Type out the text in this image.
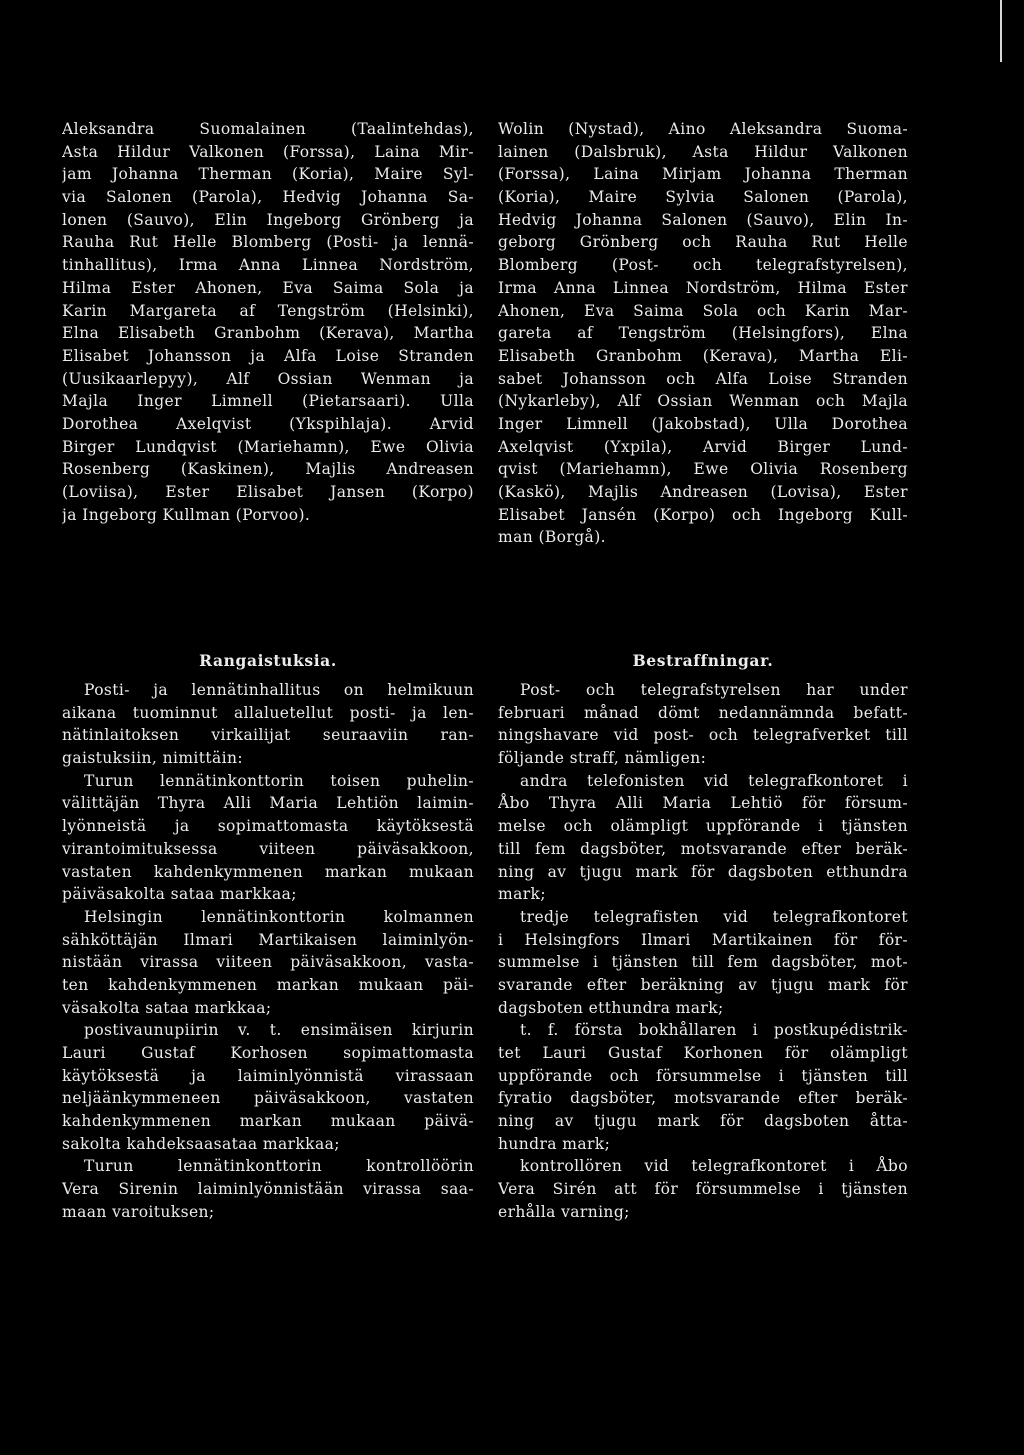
Aleksandra Suomalainen (Taalintehdas),
Asta Hildur Valkonen (Forssa), Laina Mir-
jam Johanna Therman (Koria), Maire Syl-
via Salonen (Parola), Hedvig Johanna Sa-
lonen (Sauvo), Elin Ingeborg Grönberg ja
Rauha Rut Helle Blomberg (Posti- ja lennä-
tinhallitus), Irma Anna Linnea Nordström,
Hilma Ester Ahonen, Eva Saima Sola ja
Karin Margareta af Tengström (Helsinki),
Elna Elisabeth Granbohm (Kerava), Martha
Elisabet Johansson ja Alfa Loise Stranden
(Uusikaarlepyy), Alf Ossian Wenman ja
Majla Inger Limnell (Pietarsaari). Ulla
Dorothea Axelqvist (Ykspihlaja). Arvid
Birger Lundqvist (Mariehamn), Ewe Olivia
Rosenberg (Kaskinen), Majlis Andreasen
(Loviisa), Ester Elisabet Jansen (Korpo)
ja Ingeborg Kullman (Porvoo).
Wolin (Nystad), Aino Aleksandra Suoma-
lainen (Dalsbruk), Asta Hildur Valkonen
(Forssa), Laina Mirjam Johanna Therman
(Koria), Maire Sylvia Salonen (Parola),
Hedvig Johanna Salonen (Sauvo), Elin In-
geborg Grönberg och Rauha Rut Helle
Blomberg (Post- och telegrafstyrelsen),
Irma Anna Linnea Nordström, Hilma Ester
Ahonen, Eva Saima Sola och Karin Mar-
gareta af Tengström (Helsingfors), Elna
Elisabeth Granbohm (Kerava), Martha Eli-
sabet Johansson och Alfa Loise Stranden
(Nykarleby), Alf Ossian Wenman och Majla
Inger Limnell (Jakobstad), Ulla Dorothea
Axelqvist (Yxpila), Arvid Birger Lund-
qvist (Mariehamn), Ewe Olivia Rosenberg
(Kaskö), Majlis Andreasen (Lovisa), Ester
Elisabet Jansén (Korpo) och Ingeborg Kull-
man (Borgå).
Rangaistuksia.	Bestraffningar.
Posti- ja lennätinhallitus on helmikuun
aikana tuominnut allaluetellut posti- ja len-
nätinlaitoksen virkailijat seuraaviin ran-
gaistuksiin, nimittäin:
Turun lennätinkonttorin toisen puhelin-
välittäjän Thyra Alli Maria Lehtiön laimin-
lyönneistä ja sopimattomasta käytöksestä
virantoimituksessa viiteen päiväsakkoon,
vastaten kahdenkymmenen markan mukaan
päiväsakolta sataa markkaa;
Helsingin lennätinkonttorin kolmannen
sähköttäjän Ilmari Martikaisen laiminlyön-
nistään virassa viiteen päiväsakkoon, vasta-
ten kahdenkymmenen markan mukaan päi-
väsakolta sataa markkaa;
postivaunupiirin v. t. ensimäisen kirjurin
Lauri Gustaf Korhosen sopimattomasta
käytöksestä ja laiminlyönnistä virassaan
neljäänkymmeneen päiväsakkoon, vastaten
kahdenkymmenen markan mukaan päivä-
sakolta kahdeksaasataa markkaa;
Turun lennätinkonttorin kontrollöörin
Vera Sirenin laiminlyönnistään virassa saa-
maan varoituksen;
Post- och telegrafstyrelsen har under
februari månad dömt nedannämnda befatt-
ningshavare vid post- och telegrafverket till
följande straff, nämligen:
andra telefonisten vid telegrafkontoret i
Åbo Thyra Alli Maria Lehtiö för försum-
melse och olämpligt uppförande i tjänsten
till fem dagsböter, motsvarande efter beräk-
ning av tjugu mark för dagsboten etthundra
mark;
tredje telegrafisten vid telegrafkontoret
i Helsingfors Ilmari Martikainen för för-
summelse i tjänsten till fem dagsböter, mot-
svarande efter beräkning av tjugu mark för
dagsboten etthundra mark;
t. f. första bokhållaren i postkupédistrik-
tet Lauri Gustaf Korhonen för olämpligt
uppförande och försummelse i tjänsten till
fyratio dagsböter, motsvarande efter beräk-
ning av tjugu mark för dagsboten åtta-
hundra mark;
kontrollören vid telegrafkontoret i Åbo
Vera Sirén att för försummelse i tjänsten
erhålla varning;
